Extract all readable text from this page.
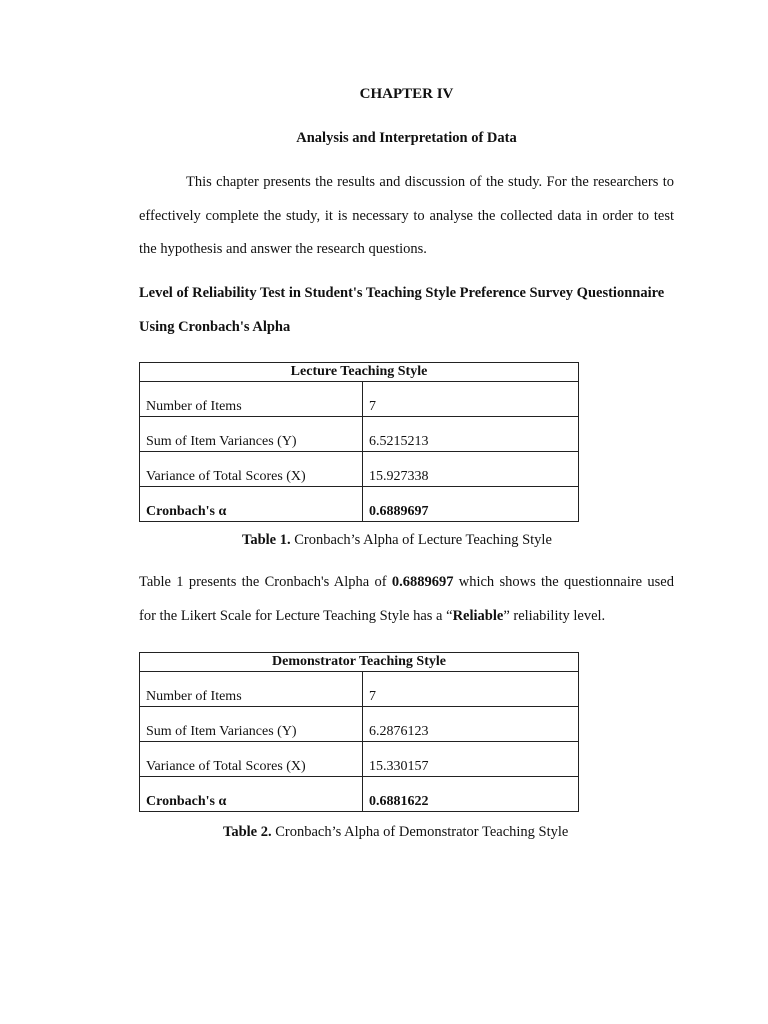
CHAPTER IV
Analysis and Interpretation of Data

This chapter presents the results and discussion of the study. For the researchers to effectively complete the study, it is necessary to analyse the collected data in order to test the hypothesis and answer the research questions.

Level of Reliability Test in Student's Teaching Style Preference Survey Questionnaire Using Cronbach's Alpha
Lecture Teaching Style	
Number of Items	7
Sum of Item Variances (Y)	6.5215213
Variance of Total Scores (X)	15.927338
Cronbach's α	0.6889697
Table 1. Cronbach’s Alpha of Lecture Teaching Style

Table 1 presents the Cronbach's Alpha of 0.6889697 which shows the questionnaire used for the Likert Scale for Lecture Teaching Style has a “Reliable” reliability level.

Demonstrator Teaching Style	
Number of Items	7
Sum of Item Variances (Y)	6.2876123
Variance of Total Scores (X)	15.330157
Cronbach's α	0.6881622
Table 2. Cronbach’s Alpha of Demonstrator Teaching Style
